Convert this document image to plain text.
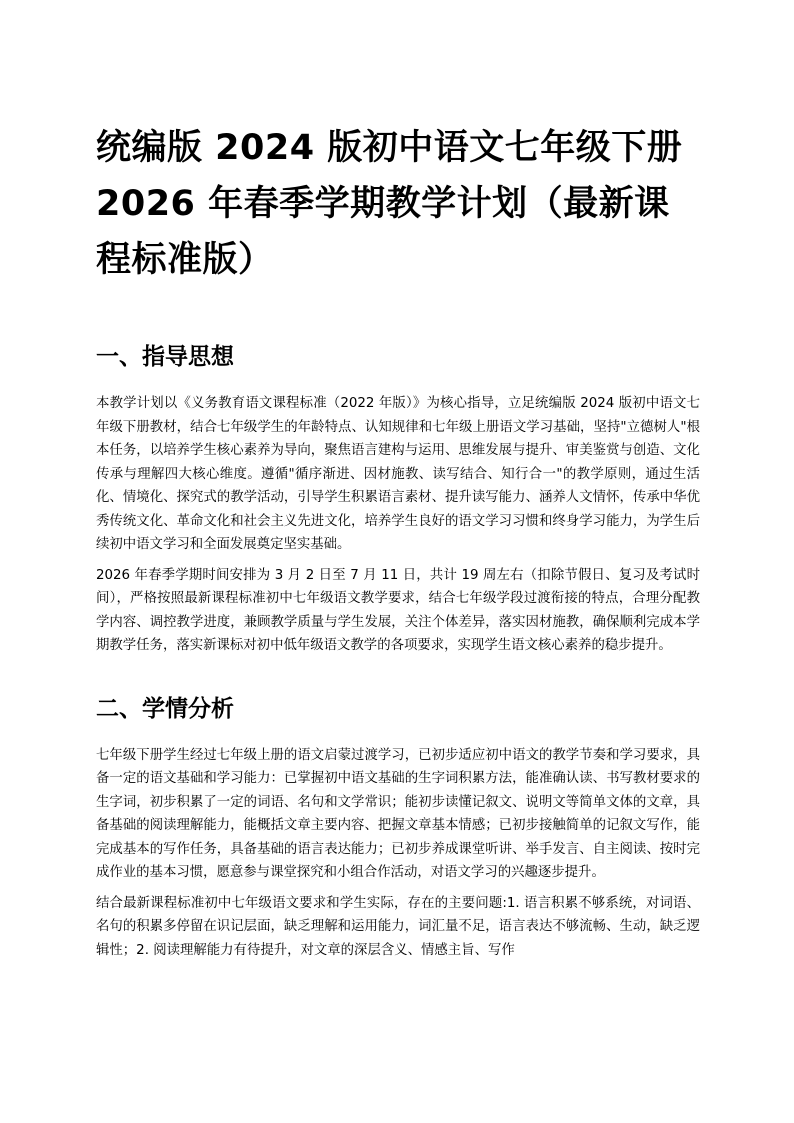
统编版 2024 版初中语文七年级下册 2026 年春季学期教学计划（最新课程标准版）
一、指导思想

本教学计划以《义务教育语文课程标准（2022 年版）》为核心指导，立足统编版 2024 版初中语文七年级下册教材，结合七年级学生的年龄特点、认知规律和七年级上册语文学习基础，坚持"立德树人"根本任务，以培养学生核心素养为导向，聚焦语言建构与运用、思维发展与提升、审美鉴赏与创造、文化传承与理解四大核心维度。遵循"循序渐进、因材施教、读写结合、知行合一"的教学原则，通过生活化、情境化、探究式的教学活动，引导学生积累语言素材、提升读写能力、涵养人文情怀，传承中华优秀传统文化、革命文化和社会主义先进文化，培养学生良好的语文学习习惯和终身学习能力，为学生后续初中语文学习和全面发展奠定坚实基础。

2026 年春季学期时间安排为 3 月 2 日至 7 月 11 日，共计 19 周左右（扣除节假日、复习及考试时间），严格按照最新课程标准初中七年级语文教学要求，结合七年级学段过渡衔接的特点，合理分配教学内容、调控教学进度，兼顾教学质量与学生发展，关注个体差异，落实因材施教，确保顺利完成本学期教学任务，落实新课标对初中低年级语文教学的各项要求，实现学生语文核心素养的稳步提升。

二、学情分析

七年级下册学生经过七年级上册的语文启蒙过渡学习，已初步适应初中语文的教学节奏和学习要求，具备一定的语文基础和学习能力：已掌握初中语文基础的生字词积累方法，能准确认读、书写教材要求的生字词，初步积累了一定的词语、名句和文学常识；能初步读懂记叙文、说明文等简单文体的文章，具备基础的阅读理解能力，能概括文章主要内容、把握文章基本情感；已初步接触简单的记叙文写作，能完成基本的写作任务，具备基础的语言表达能力；已初步养成课堂听讲、举手发言、自主阅读、按时完成作业的基本习惯，愿意参与课堂探究和小组合作活动，对语文学习的兴趣逐步提升。

结合最新课程标准初中七年级语文要求和学生实际，存在的主要问题:1. 语言积累不够系统，对词语、名句的积累多停留在识记层面，缺乏理解和运用能力，词汇量不足，语言表达不够流畅、生动，缺乏逻辑性；2. 阅读理解能力有待提升，对文章的深层含义、情感主旨、写作
